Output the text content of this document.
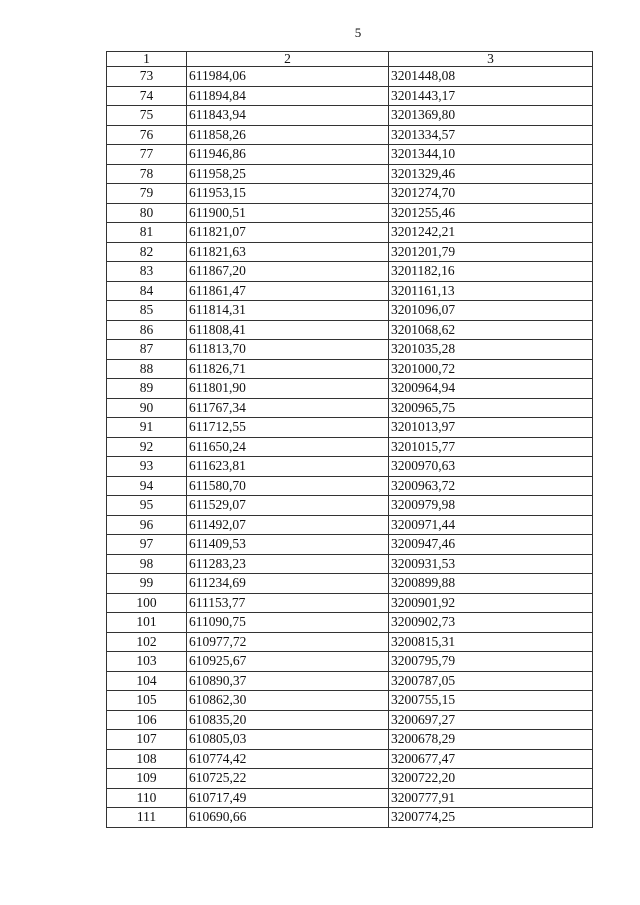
5
1	2	3
73	611984,06	3201448,08
74	611894,84	3201443,17
75	611843,94	3201369,80
76	611858,26	3201334,57
77	611946,86	3201344,10
78	611958,25	3201329,46
79	611953,15	3201274,70
80	611900,51	3201255,46
81	611821,07	3201242,21
82	611821,63	3201201,79
83	611867,20	3201182,16
84	611861,47	3201161,13
85	611814,31	3201096,07
86	611808,41	3201068,62
87	611813,70	3201035,28
88	611826,71	3201000,72
89	611801,90	3200964,94
90	611767,34	3200965,75
91	611712,55	3201013,97
92	611650,24	3201015,77
93	611623,81	3200970,63
94	611580,70	3200963,72
95	611529,07	3200979,98
96	611492,07	3200971,44
97	611409,53	3200947,46
98	611283,23	3200931,53
99	611234,69	3200899,88
100	611153,77	3200901,92
101	611090,75	3200902,73
102	610977,72	3200815,31
103	610925,67	3200795,79
104	610890,37	3200787,05
105	610862,30	3200755,15
106	610835,20	3200697,27
107	610805,03	3200678,29
108	610774,42	3200677,47
109	610725,22	3200722,20
110	610717,49	3200777,91
111	610690,66	3200774,25
